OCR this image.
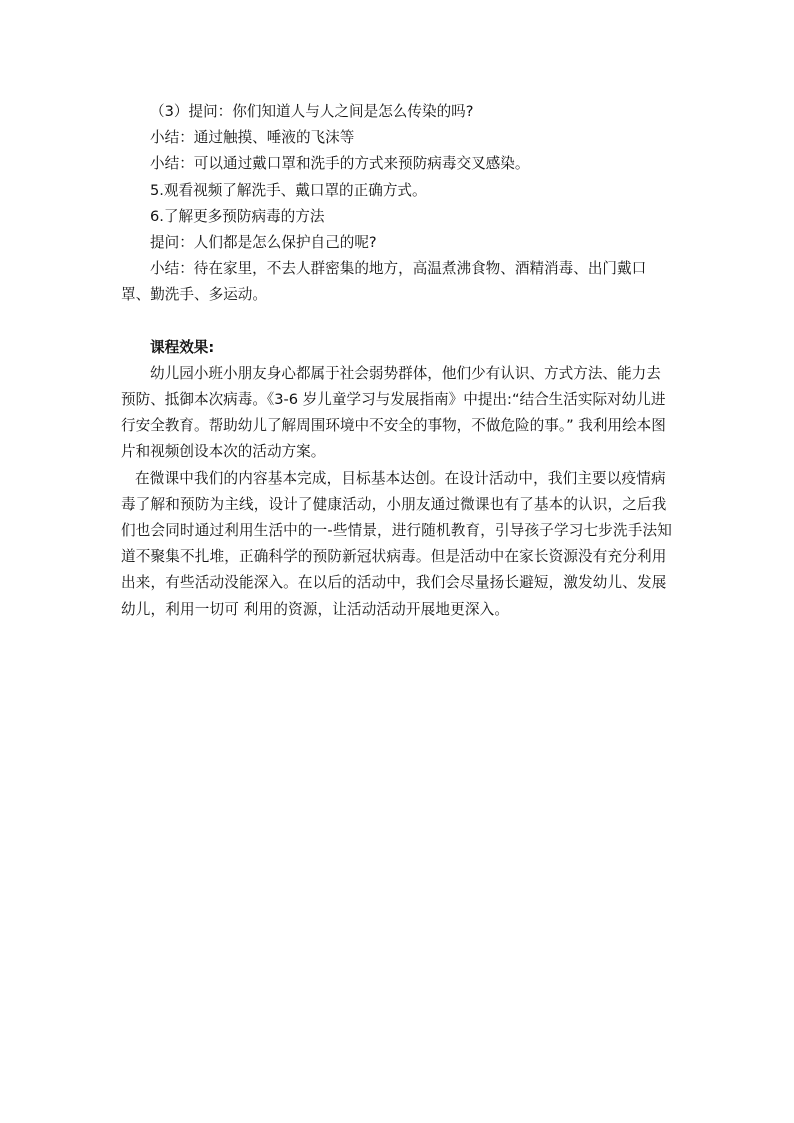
（3）提问：你们知道人与人之间是怎么传染的吗?
小结：通过触摸、唾液的飞沫等
小结：可以通过戴口罩和洗手的方式来预防病毒交叉感染。
5.观看视频了解洗手、戴口罩的正确方式。
6.了解更多预防病毒的方法
提问：人们都是怎么保护自己的呢?

小结：待在家里，不去人群密集的地方，高温煮沸食物、酒精消毒、出门戴口罩、勤洗手、多运动。

课程效果:

幼儿园小班小朋友身心都属于社会弱势群体，他们少有认识、方式方法、能力去预防、抵御本次病毒。《3-6 岁儿童学习与发展指南》中提出:“结合生活实际对幼儿进行安全教育。帮助幼儿了解周围环境中不安全的事物，不做危险的事。” 我利用绘本图片和视频创设本次的活动方案。

在微课中我们的内容基本完成，目标基本达创。在设计活动中，我们主要以疫情病毒了解和预防为主线，设计了健康活动，小朋友通过微课也有了基本的认识，之后我们也会同时通过利用生活中的一-些情景，进行随机教育，引导孩子学习七步洗手法知道不聚集不扎堆，正确科学的预防新冠状病毒。但是活动中在家长资源没有充分利用出来，有些活动没能深入。在以后的活动中，我们会尽量扬长避短，激发幼儿、发展幼儿，利用一切可 利用的资源，让活动活动开展地更深入。
